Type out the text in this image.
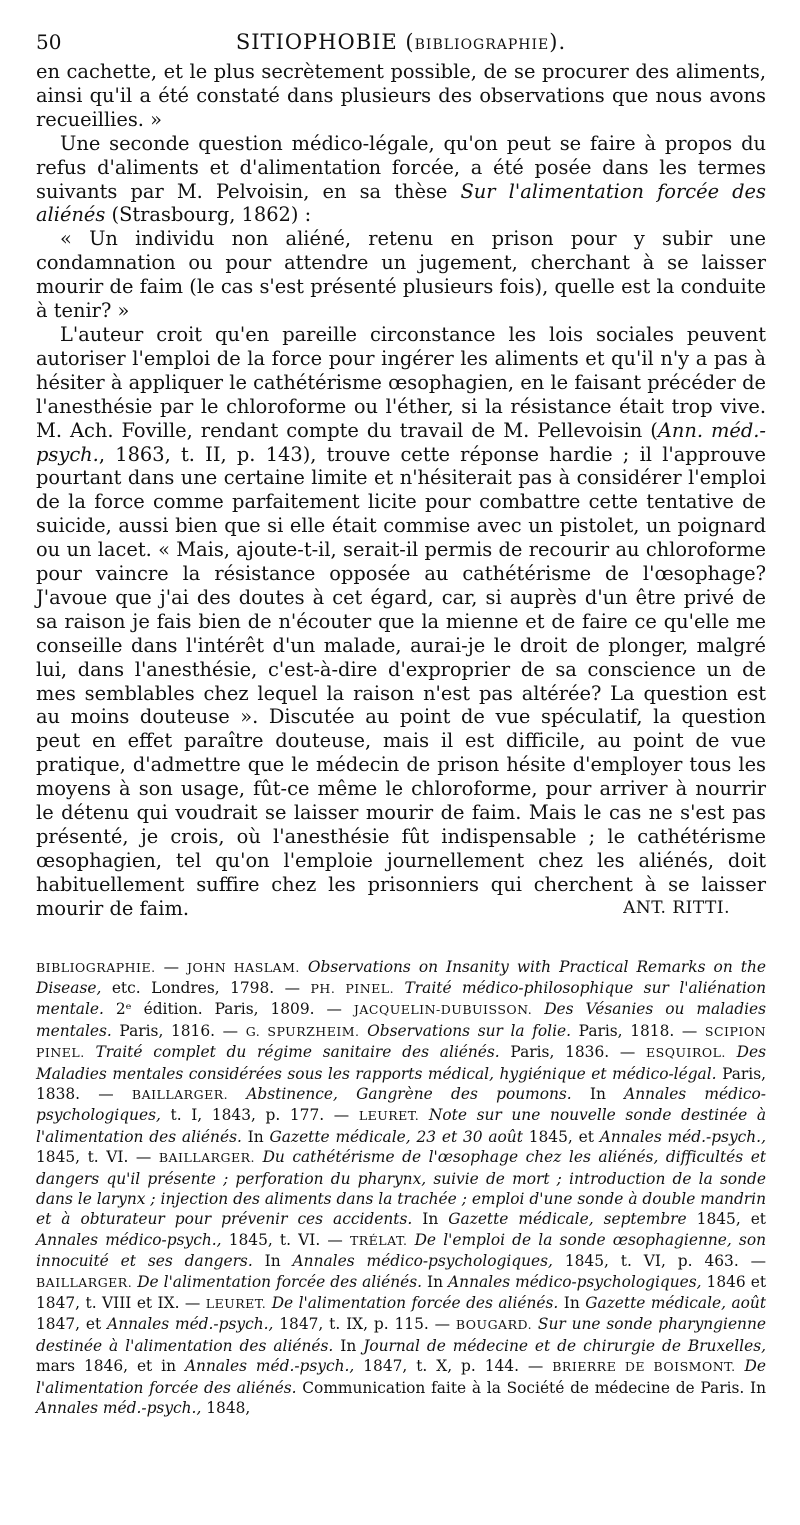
50	SITIOPHOBIE (BIBLIOGRAPHIE).

en cachette, et le plus secrètement possible, de se procurer des aliments, ainsi qu'il a été constaté dans plusieurs des observations que nous avons recueillies. »

Une seconde question médico-légale, qu'on peut se faire à propos du refus d'aliments et d'alimentation forcée, a été posée dans les termes suivants par M. Pelvoisin, en sa thèse Sur l'alimentation forcée des aliénés (Strasbourg, 1862) :

« Un individu non aliéné, retenu en prison pour y subir une condamnation ou pour attendre un jugement, cherchant à se laisser mourir de faim (le cas s'est présenté plusieurs fois), quelle est la conduite à tenir? »

L'auteur croit qu'en pareille circonstance les lois sociales peuvent autoriser l'emploi de la force pour ingérer les aliments et qu'il n'y a pas à hésiter à appliquer le cathétérisme œsophagien, en le faisant précéder de l'anesthésie par le chloroforme ou l'éther, si la résistance était trop vive. M. Ach. Foville, rendant compte du travail de M. Pellevoisin (Ann. méd.-psych., 1863, t. II, p. 143), trouve cette réponse hardie ; il l'approuve pourtant dans une certaine limite et n'hésiterait pas à considérer l'emploi de la force comme parfaitement licite pour combattre cette tentative de suicide, aussi bien que si elle était commise avec un pistolet, un poignard ou un lacet. « Mais, ajoute-t-il, serait-il permis de recourir au chloroforme pour vaincre la résistance opposée au cathétérisme de l'œsophage? J'avoue que j'ai des doutes à cet égard, car, si auprès d'un être privé de sa raison je fais bien de n'écouter que la mienne et de faire ce qu'elle me conseille dans l'intérêt d'un malade, aurai-je le droit de plonger, malgré lui, dans l'anesthésie, c'est-à-dire d'exproprier de sa conscience un de mes semblables chez lequel la raison n'est pas altérée? La question est au moins douteuse ». Discutée au point de vue spéculatif, la question peut en effet paraître douteuse, mais il est difficile, au point de vue pratique, d'admettre que le médecin de prison hésite d'employer tous les moyens à son usage, fût-ce même le chloroforme, pour arriver à nourrir le détenu qui voudrait se laisser mourir de faim. Mais le cas ne s'est pas présenté, je crois, où l'anesthésie fût indispensable ; le cathétérisme œsophagien, tel qu'on l'emploie journellement chez les aliénés, doit habituellement suffire chez les prisonniers qui cherchent à se laisser mourir de faim.	ANT. RITTI.
BIBLIOGRAPHIE. — JOHN HASLAM. Observations on Insanity with Practical Remarks on the Disease, etc. Londres, 1798. — PH. PINEL. Traité médico-philosophique sur l'aliénation mentale. 2ᵉ édition. Paris, 1809. — JACQUELIN-DUBUISSON. Des Vésanies ou maladies mentales. Paris, 1816. — G. SPURZHEIM. Observations sur la folie. Paris, 1818. — SCIPION PINEL. Traité complet du régime sanitaire des aliénés. Paris, 1836. — ESQUIROL. Des Maladies mentales considérées sous les rapports médical, hygiénique et médico-légal. Paris, 1838. — BAILLARGER. Abstinence, Gangrène des poumons. In Annales médico-psychologiques, t. I, 1843, p. 177. — LEURET. Note sur une nouvelle sonde destinée à l'alimentation des aliénés. In Gazette médicale, 23 et 30 août 1845, et Annales méd.-psych., 1845, t. VI. — BAILLARGER. Du cathétérisme de l'œsophage chez les aliénés, difficultés et dangers qu'il présente ; perforation du pharynx, suivie de mort ; introduction de la sonde dans le larynx ; injection des aliments dans la trachée ; emploi d'une sonde à double mandrin et à obturateur pour prévenir ces accidents. In Gazette médicale, septembre 1845, et Annales médico-psych., 1845, t. VI. — TRÉLAT. De l'emploi de la sonde œsophagienne, son innocuité et ses dangers. In Annales médico-psychologiques, 1845, t. VI, p. 463. — BAILLARGER. De l'alimentation forcée des aliénés. In Annales médico-psychologiques, 1846 et 1847, t. VIII et IX. — LEURET. De l'alimentation forcée des aliénés. In Gazette médicale, août 1847, et Annales méd.-psych., 1847, t. IX, p. 115. — BOUGARD. Sur une sonde pharyngienne destinée à l'alimentation des aliénés. In Journal de médecine et de chirurgie de Bruxelles, mars 1846, et in Annales méd.-psych., 1847, t. X, p. 144. — BRIERRE DE BOISMONT. De l'alimentation forcée des aliénés. Communication faite à la Société de médecine de Paris. In Annales méd.-psych., 1848,
